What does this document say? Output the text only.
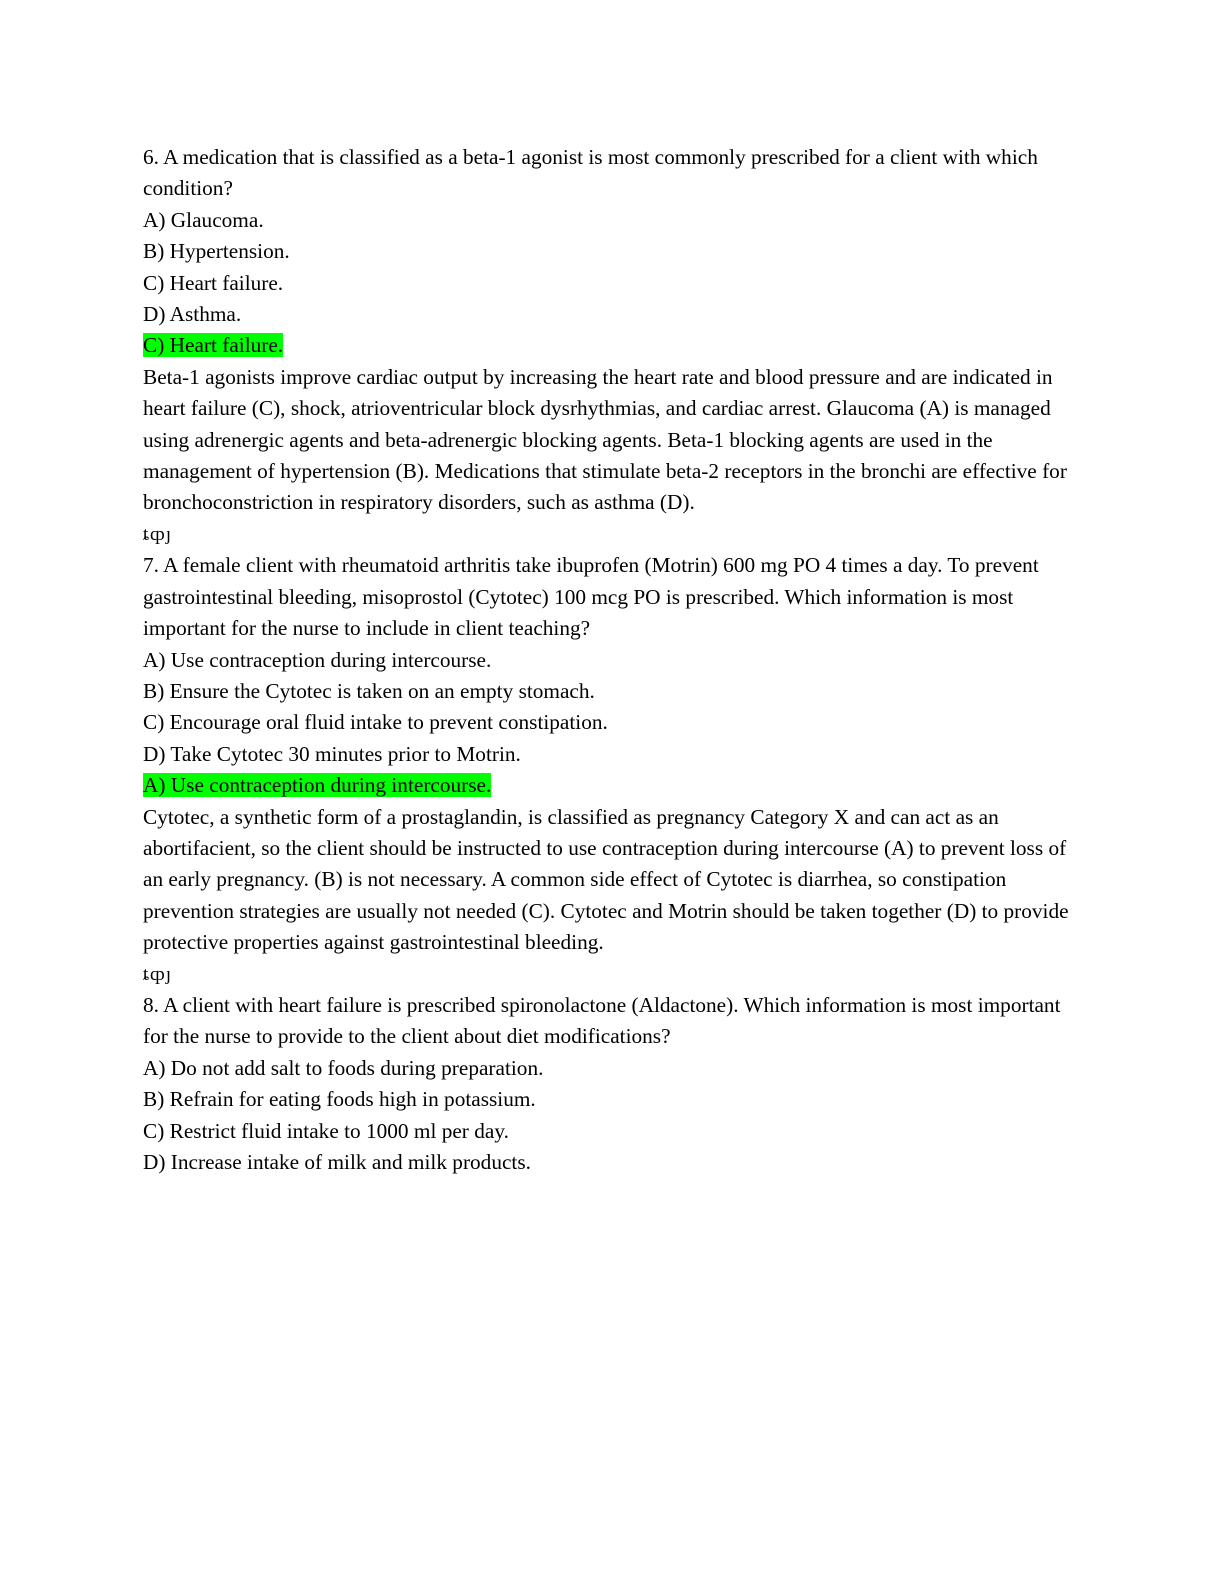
6. A medication that is classified as a beta-1 agonist is most commonly prescribed for a client with which condition?

A) Glaucoma.

B) Hypertension.

C) Heart failure.

D) Asthma.

C) Heart failure.

Beta-1 agonists improve cardiac output by increasing the heart rate and blood pressure and are indicated in heart failure (C), shock, atrioventricular block dysrhythmias, and cardiac arrest. Glaucoma (A) is managed using adrenergic agents and beta-adrenergic blocking agents. Beta-1 blocking agents are used in the management of hypertension (B). Medications that stimulate beta-2 receptors in the bronchi are effective for bronchoconstriction in respiratory disorders, such as asthma (D).

ȶȹȷ

7. A female client with rheumatoid arthritis take ibuprofen (Motrin) 600 mg PO 4 times a day. To prevent gastrointestinal bleeding, misoprostol (Cytotec) 100 mcg PO is prescribed. Which information is most important for the nurse to include in client teaching?

A) Use contraception during intercourse.

B) Ensure the Cytotec is taken on an empty stomach.

C) Encourage oral fluid intake to prevent constipation.

D) Take Cytotec 30 minutes prior to Motrin.

A) Use contraception during intercourse.

Cytotec, a synthetic form of a prostaglandin, is classified as pregnancy Category X and can act as an abortifacient, so the client should be instructed to use contraception during intercourse (A) to prevent loss of an early pregnancy. (B) is not necessary. A common side effect of Cytotec is diarrhea, so constipation prevention strategies are usually not needed (C). Cytotec and Motrin should be taken together (D) to provide protective properties against gastrointestinal bleeding.

ȶȹȷ

8. A client with heart failure is prescribed spironolactone (Aldactone). Which information is most important for the nurse to provide to the client about diet modifications?

A) Do not add salt to foods during preparation.

B) Refrain for eating foods high in potassium.

C) Restrict fluid intake to 1000 ml per day.

D) Increase intake of milk and milk products.
